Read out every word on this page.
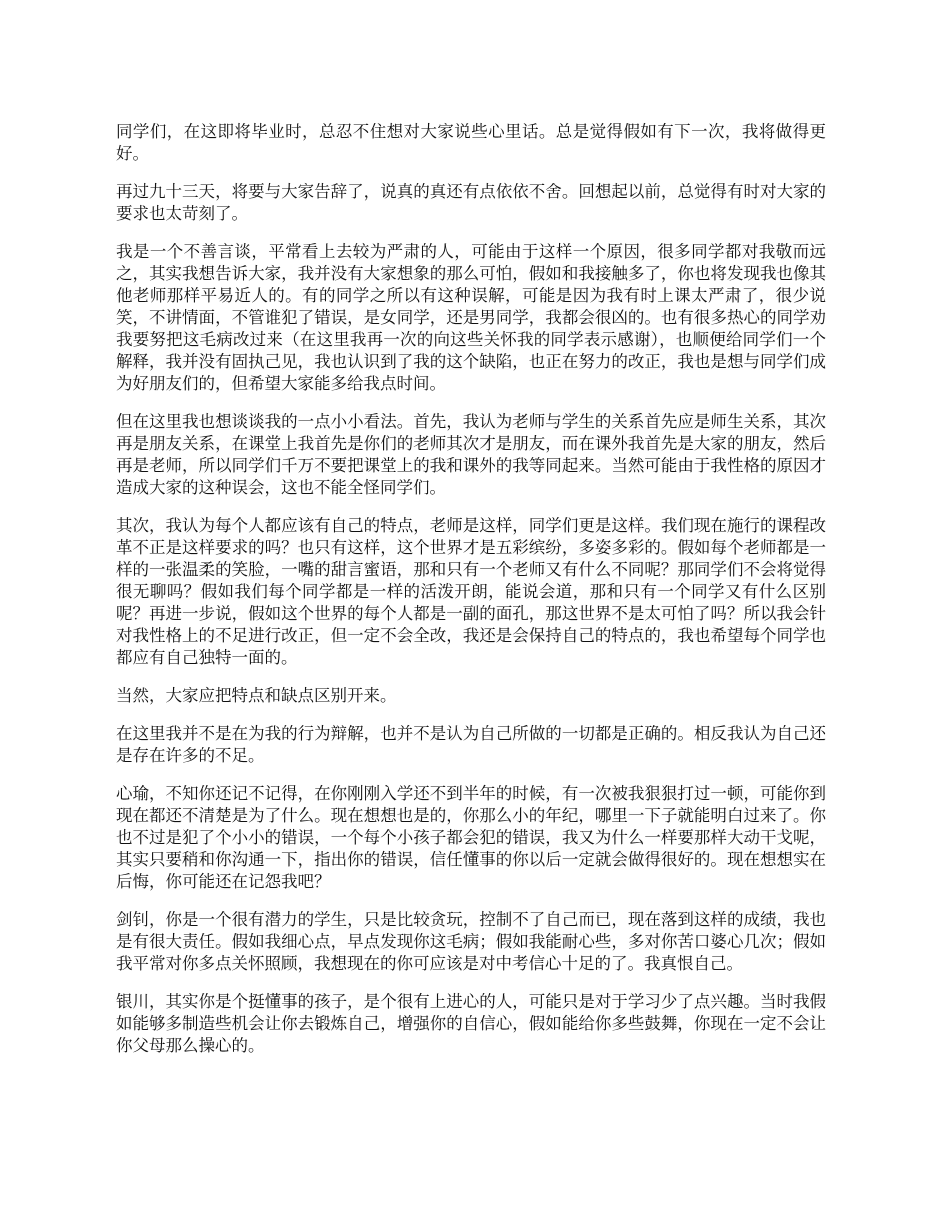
同学们，在这即将毕业时，总忍不住想对大家说些心里话。总是觉得假如有下一次，我将做得更好。

再过九十三天，将要与大家告辞了，说真的真还有点依依不舍。回想起以前，总觉得有时对大家的要求也太苛刻了。

我是一个不善言谈，平常看上去较为严肃的人，可能由于这样一个原因，很多同学都对我敬而远之，其实我想告诉大家，我并没有大家想象的那么可怕，假如和我接触多了，你也将发现我也像其他老师那样平易近人的。有的同学之所以有这种误解，可能是因为我有时上课太严肃了，很少说笑，不讲情面，不管谁犯了错误，是女同学，还是男同学，我都会很凶的。也有很多热心的同学劝我要努把这毛病改过来（在这里我再一次的向这些关怀我的同学表示感谢），也顺便给同学们一个解释，我并没有固执己见，我也认识到了我的这个缺陷，也正在努力的改正，我也是想与同学们成为好朋友们的，但希望大家能多给我点时间。

但在这里我也想谈谈我的一点小小看法。首先，我认为老师与学生的关系首先应是师生关系，其次再是朋友关系，在课堂上我首先是你们的老师其次才是朋友，而在课外我首先是大家的朋友，然后再是老师，所以同学们千万不要把课堂上的我和课外的我等同起来。当然可能由于我性格的原因才造成大家的这种误会，这也不能全怪同学们。

其次，我认为每个人都应该有自己的特点，老师是这样，同学们更是这样。我们现在施行的课程改革不正是这样要求的吗？也只有这样，这个世界才是五彩缤纷，多姿多彩的。假如每个老师都是一样的一张温柔的笑脸，一嘴的甜言蜜语，那和只有一个老师又有什么不同呢？那同学们不会将觉得很无聊吗？假如我们每个同学都是一样的活泼开朗，能说会道，那和只有一个同学又有什么区别呢？再进一步说，假如这个世界的每个人都是一副的面孔，那这世界不是太可怕了吗？所以我会针对我性格上的不足进行改正，但一定不会全改，我还是会保持自己的特点的，我也希望每个同学也都应有自己独特一面的。

当然，大家应把特点和缺点区别开来。

在这里我并不是在为我的行为辩解，也并不是认为自己所做的一切都是正确的。相反我认为自己还是存在许多的不足。

心瑜，不知你还记不记得，在你刚刚入学还不到半年的时候，有一次被我狠狠打过一顿，可能你到现在都还不清楚是为了什么。现在想想也是的，你那么小的年纪，哪里一下子就能明白过来了。你也不过是犯了个小小的错误，一个每个小孩子都会犯的错误，我又为什么一样要那样大动干戈呢，其实只要稍和你沟通一下，指出你的错误，信任懂事的你以后一定就会做得很好的。现在想想实在后悔，你可能还在记怨我吧？

剑钊，你是一个很有潜力的学生，只是比较贪玩，控制不了自己而已，现在落到这样的成绩，我也是有很大责任。假如我细心点，早点发现你这毛病；假如我能耐心些，多对你苦口婆心几次；假如我平常对你多点关怀照顾，我想现在的你可应该是对中考信心十足的了。我真恨自己。

银川，其实你是个挺懂事的孩子，是个很有上进心的人，可能只是对于学习少了点兴趣。当时我假如能够多制造些机会让你去锻炼自己，增强你的自信心，假如能给你多些鼓舞，你现在一定不会让你父母那么操心的。
